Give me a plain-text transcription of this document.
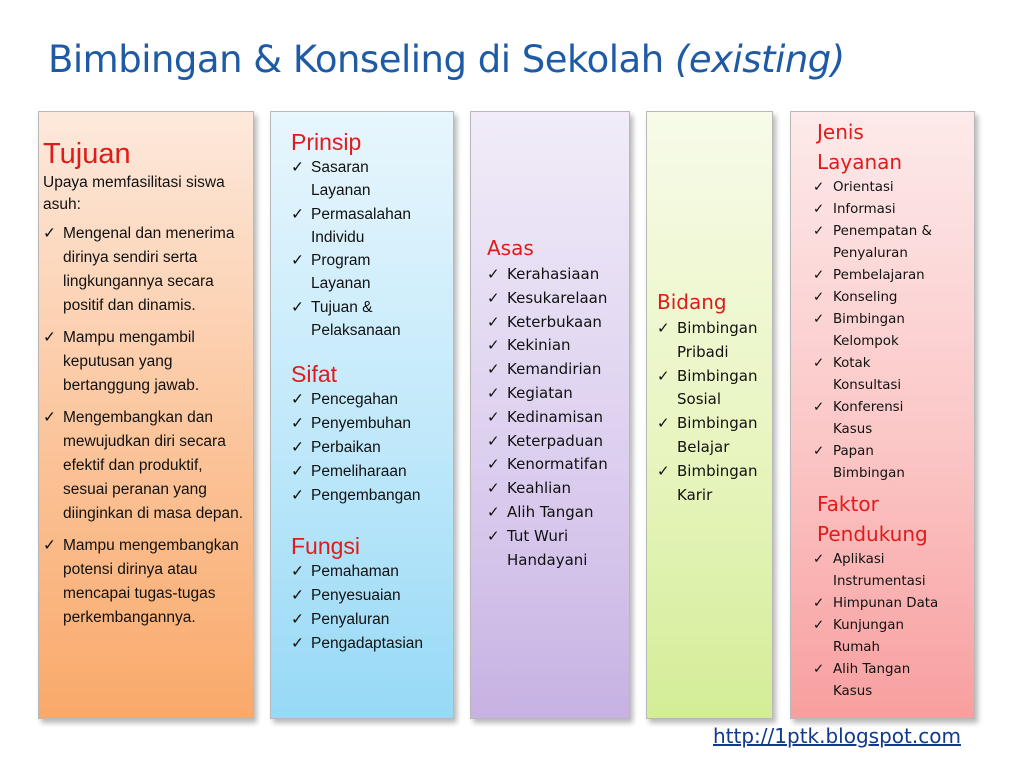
Bimbingan & Konseling di Sekolah (existing)
Tujuan
Upaya memfasilitasi siswa asuh:
✓ Mengenal dan menerima dirinya sendiri serta lingkungannya secara positif dan dinamis.
✓ Mampu mengambil keputusan yang bertanggung jawab.
✓ Mengembangkan dan mewujudkan diri secara efektif dan produktif, sesuai peranan yang diinginkan di masa depan.
✓ Mampu mengembangkan potensi dirinya atau mencapai tugas-tugas perkembangannya.
Prinsip
✓ Sasaran Layanan
✓ Permasalahan Individu
✓ Program Layanan
✓ Tujuan & Pelaksanaan
Sifat
✓ Pencegahan
✓ Penyembuhan
✓ Perbaikan
✓ Pemeliharaan
✓ Pengembangan
Fungsi
✓ Pemahaman
✓ Penyesuaian
✓ Penyaluran
✓ Pengadaptasian
Asas
✓ Kerahasiaan
✓ Kesukarelaan
✓ Keterbukaan
✓ Kekinian
✓ Kemandirian
✓ Kegiatan
✓ Kedinamisan
✓ Keterpaduan
✓ Kenormatifan
✓ Keahlian
✓ Alih Tangan
✓ Tut Wuri Handayani
Bidang
✓ Bimbingan Pribadi
✓ Bimbingan Sosial
✓ Bimbingan Belajar
✓ Bimbingan Karir
Jenis Layanan
✓ Orientasi
✓ Informasi
✓ Penempatan & Penyaluran
✓ Pembelajaran
✓ Konseling
✓ Bimbingan Kelompok
✓ Kotak Konsultasi
✓ Konferensi Kasus
✓ Papan Bimbingan
Faktor Pendukung
✓ Aplikasi Instrumentasi
✓ Himpunan Data
✓ Kunjungan Rumah
✓ Alih Tangan Kasus
http://1ptk.blogspot.com
